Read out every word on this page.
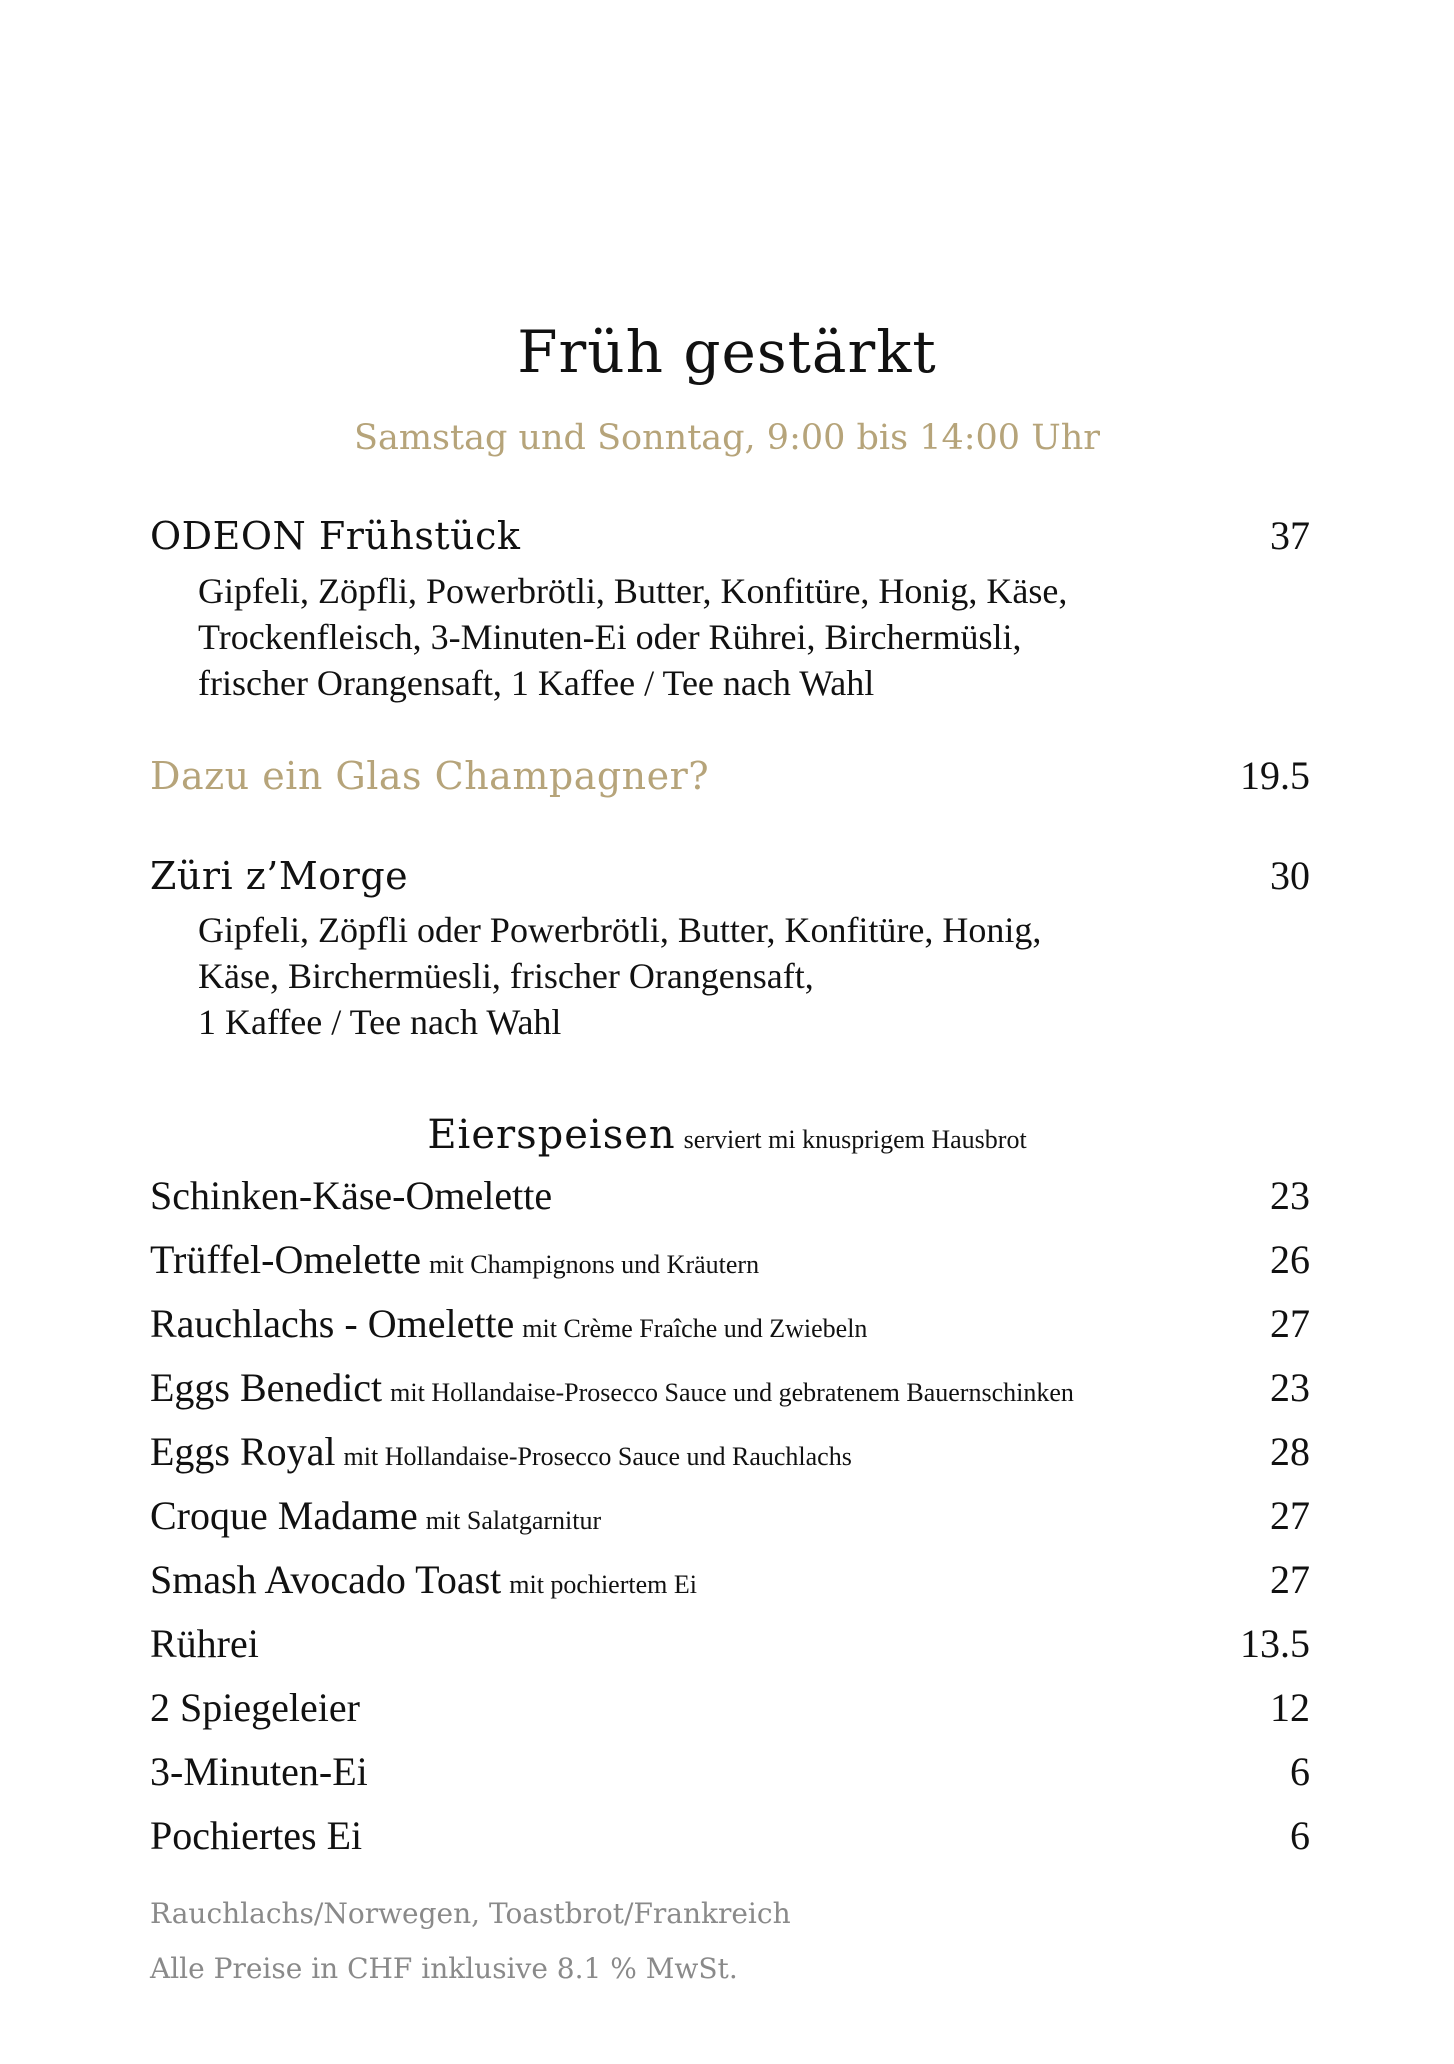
Früh gestärkt
Samstag und Sonntag, 9:00 bis 14:00 Uhr
ODEON Frühstück	37
Gipfeli, Zöpfli, Powerbrötli, Butter, Konfitüre, Honig, Käse,
Trockenfleisch, 3-Minuten-Ei oder Rührei, Birchermüsli,
frischer Orangensaft, 1 Kaffee / Tee nach Wahl
Dazu ein Glas Champagner?	19.5
Züri z’Morge	30
Gipfeli, Zöpfli oder Powerbrötli, Butter, Konfitüre, Honig,
Käse, Birchermüesli, frischer Orangensaft,
1 Kaffee / Tee nach Wahl
Eierspeisen serviert mi knusprigem Hausbrot
Schinken-Käse-Omelette	23
Trüffel-Omelette mit Champignons und Kräutern	26
Rauchlachs - Omelette mit Crème Fraîche und Zwiebeln	27
Eggs Benedict mit Hollandaise-Prosecco Sauce und gebratenem Bauernschinken	23
Eggs Royal mit Hollandaise-Prosecco Sauce und Rauchlachs	28
Croque Madame mit Salatgarnitur	27
Smash Avocado Toast mit pochiertem Ei	27
Rührei	13.5
2 Spiegeleier	12
3-Minuten-Ei	6
Pochiertes Ei	6
Rauchlachs/Norwegen, Toastbrot/Frankreich
Alle Preise in CHF inklusive 8.1 % MwSt.
